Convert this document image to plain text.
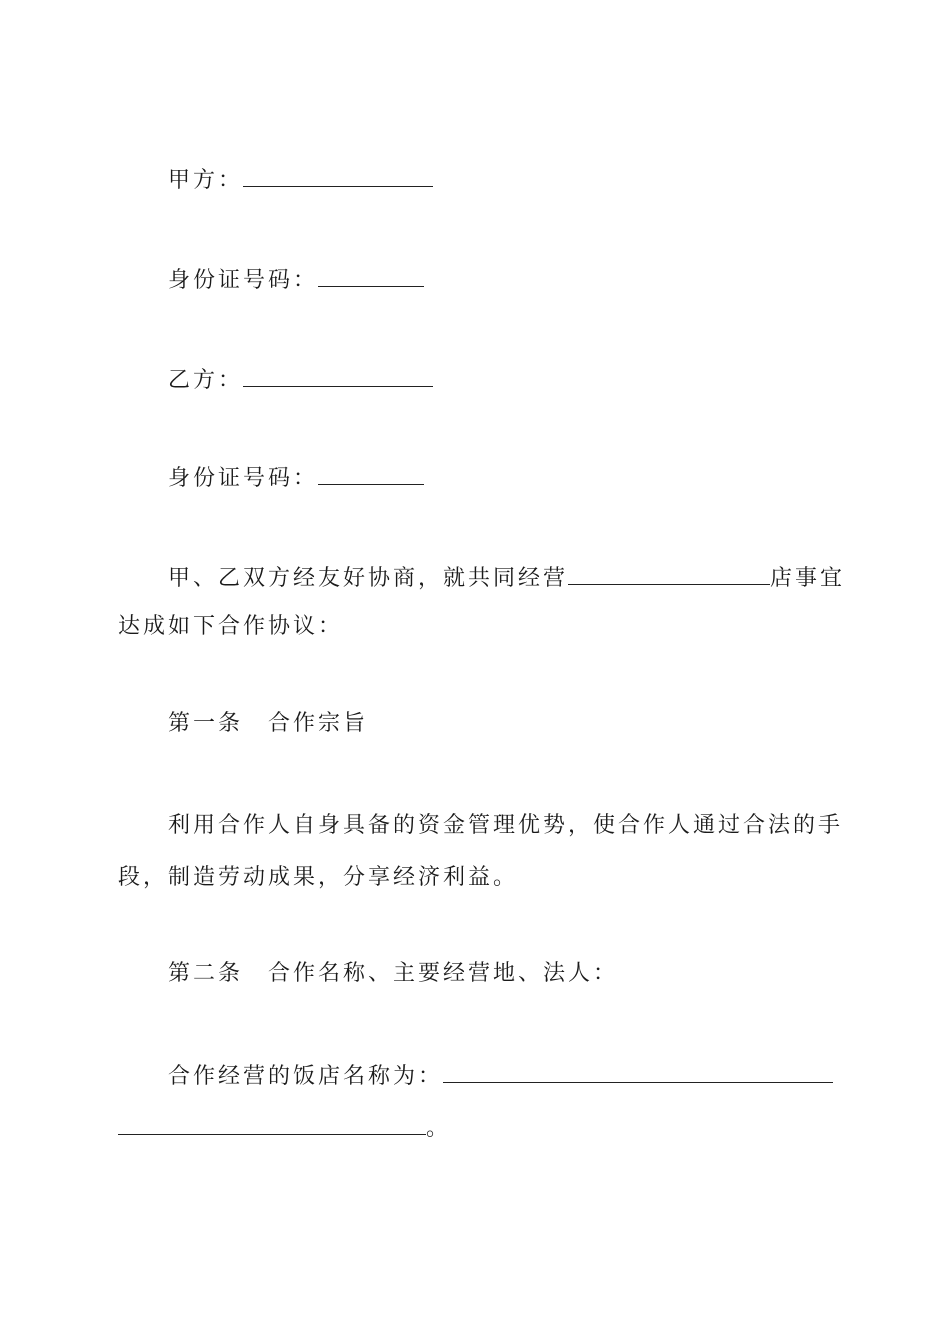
甲方：
身份证号码：
乙方：
身份证号码：
甲、乙双方经友好协商，就共同经营	店事宜
达成如下合作协议：
第一条　合作宗旨
利用合作人自身具备的资金管理优势，使合作人通过合法的手
段，制造劳动成果，分享经济利益。
第二条　合作名称、主要经营地、法人：
合作经营的饭店名称为：
。
